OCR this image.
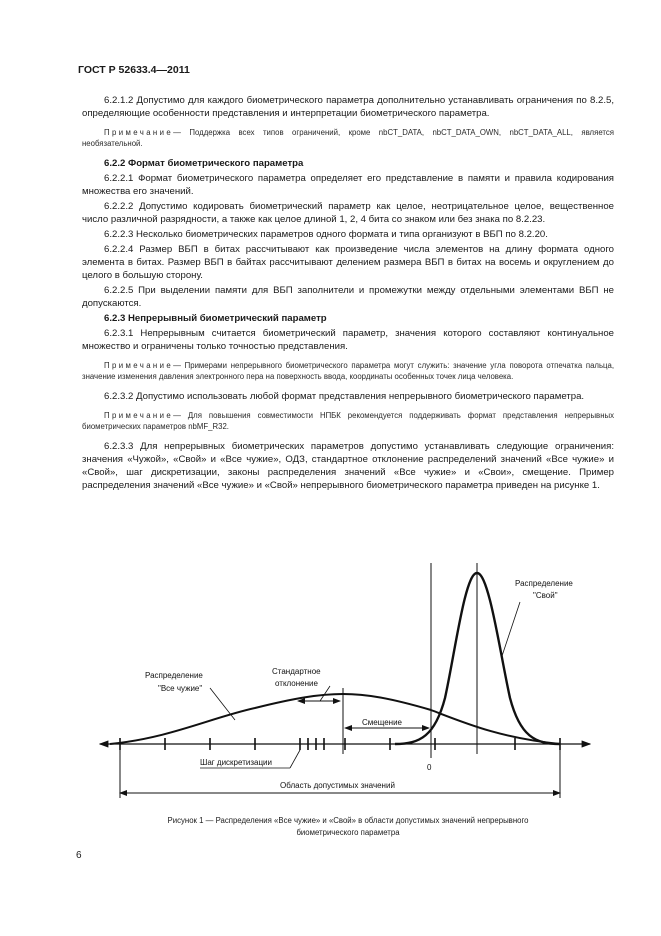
ГОСТ Р 52633.4—2011

6.2.1.2 Допустимо для каждого биометрического параметра дополнительно устанавливать ограничения по 8.2.5, определяющие особенности представления и интерпретации биометрического параметра.

Примечание— Поддержка всех типов ограничений, кроме nbCT_DATA, nbCT_DATA_OWN, nbCT_DATA_ALL, является необязательной.

6.2.2 Формат биометрического параметра

6.2.2.1 Формат биометрического параметра определяет его представление в памяти и правила кодирования множества его значений.

6.2.2.2 Допустимо кодировать биометрический параметр как целое, неотрицательное целое, вещественное число различной разрядности, а также как целое длиной 1, 2, 4 бита со знаком или без знака по 8.2.23.

6.2.2.3 Несколько биометрических параметров одного формата и типа организуют в ВБП по 8.2.20.

6.2.2.4 Размер ВБП в битах рассчитывают как произведение числа элементов на длину формата одного элемента в битах. Размер ВБП в байтах рассчитывают делением размера ВБП в битах на восемь и округлением до целого в большую сторону.

6.2.2.5 При выделении памяти для ВБП заполнители и промежутки между отдельными элементами ВБП не допускаются.

6.2.3 Непрерывный биометрический параметр

6.2.3.1 Непрерывным считается биометрический параметр, значения которого составляют континуальное множество и ограничены только точностью представления.

Примечание— Примерами непрерывного биометрического параметра могут служить: значение угла поворота отпечатка пальца, значение изменения давления электронного пера на поверхность ввода, координаты особенных точек лица человека.

6.2.3.2 Допустимо использовать любой формат представления непрерывного биометрического параметра.

Примечание— Для повышения совместимости НПБК рекомендуется поддерживать формат представления непрерывных биометрических параметров nbMF_R32.

6.2.3.3 Для непрерывных биометрических параметров допустимо устанавливать следующие ограничения: значения «Чужой», «Свой» и «Все чужие», ОДЗ, стандартное отклонение распределений значений «Все чужие» и «Свой», шаг дискретизации, законы распределения значений «Все чужие» и «Свои», смещение. Пример распределения значений «Все чужие» и «Свой» непрерывного биометрического параметра приведен на рисунке 1.

Распределение
"Свой"
Распределение
"Все чужие"
Стандартное
отклонение
Смещение
Шаг дискретизации
0
Область допустимых значений
Рисунок 1 — Распределения «Все чужие» и «Свой» в области допустимых значений непрерывного
биометрического параметра
6
